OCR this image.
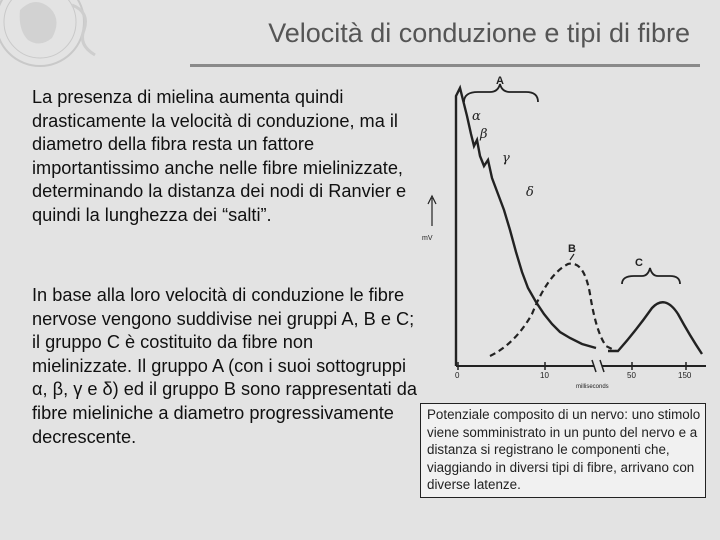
Velocità di conduzione e tipi di fibre

La presenza di mielina aumenta quindi drasticamente la velocità di conduzione, ma il diametro della fibra resta un fattore importantissimo anche nelle fibre mielinizzate, determinando la distanza dei nodi di Ranvier e quindi la lunghezza dei “salti”.

In base alla loro velocità di conduzione le fibre nervose vengono suddivise nei gruppi A, B e C; il gruppo C è costituito da fibre non mielinizzate. Il gruppo A (con i suoi sottogruppi α, β, γ e δ) ed il gruppo B sono rappresentati da fibre mieliniche a diametro progressivamente decrescente.

A
α
β
γ
δ
B
C
mV
0	10	50	150
milliseconds
Potenziale composito di un nervo: uno stimolo viene somministrato in un punto del nervo e a distanza si registrano le componenti che, viaggiando in diversi tipi di fibre, arrivano con diverse latenze.
